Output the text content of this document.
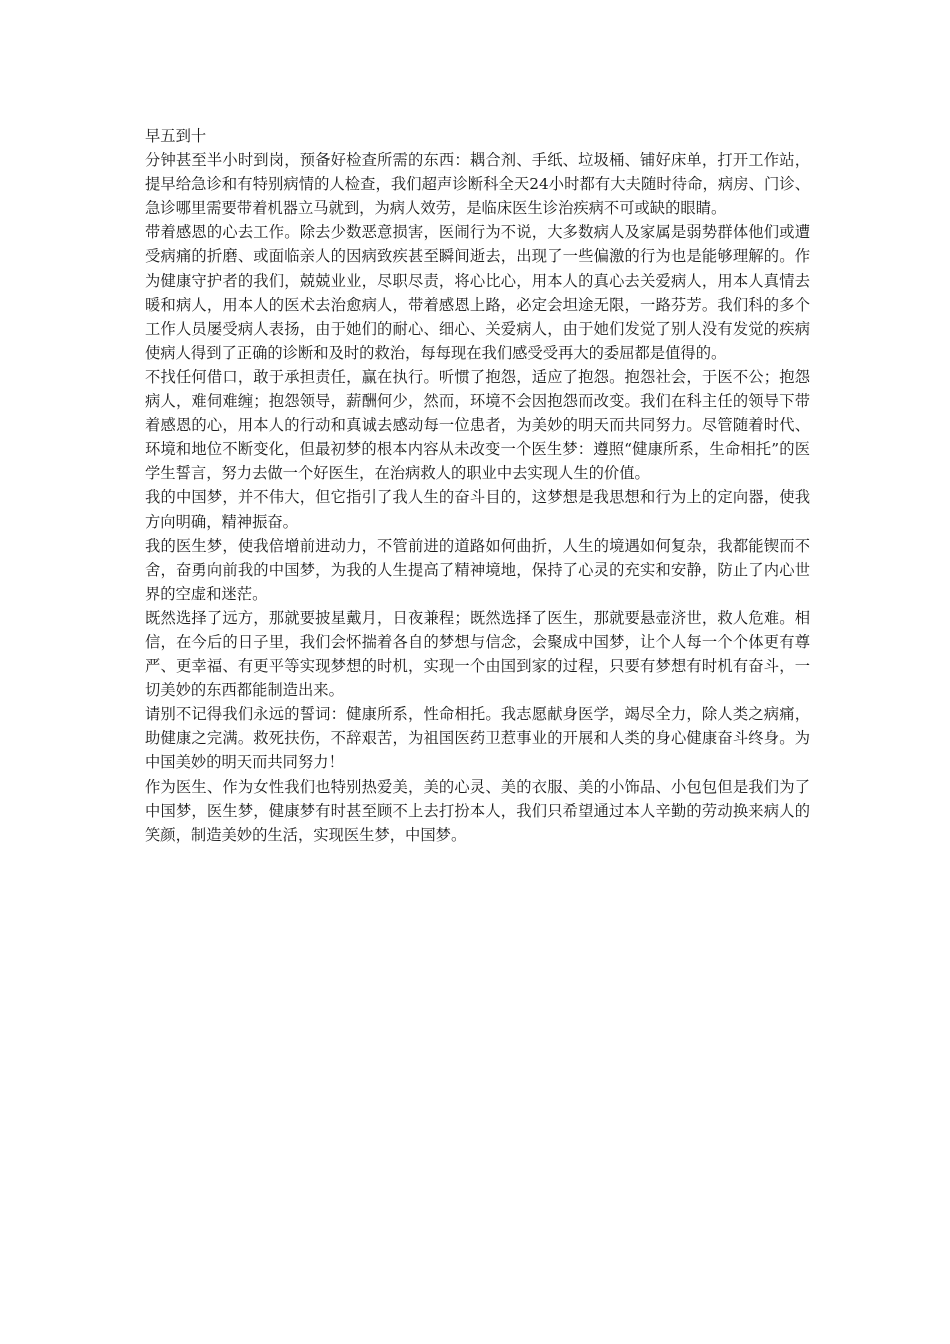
早五到十

分钟甚至半小时到岗，预备好检查所需的东西：耦合剂、手纸、垃圾桶、铺好床单，打开工作站，提早给急诊和有特别病情的人检查，我们超声诊断科全天24小时都有大夫随时待命，病房、门诊、急诊哪里需要带着机器立马就到，为病人效劳，是临床医生诊治疾病不可或缺的眼睛。

带着感恩的心去工作。除去少数恶意损害，医闹行为不说，大多数病人及家属是弱势群体他们或遭受病痛的折磨、或面临亲人的因病致疾甚至瞬间逝去，出现了一些偏激的行为也是能够理解的。作为健康守护者的我们，兢兢业业，尽职尽责，将心比心，用本人的真心去关爱病人，用本人真情去暖和病人，用本人的医术去治愈病人，带着感恩上路，必定会坦途无限，一路芬芳。我们科的多个工作人员屡受病人表扬，由于她们的耐心、细心、关爱病人，由于她们发觉了别人没有发觉的疾病使病人得到了正确的诊断和及时的救治，每每现在我们感受受再大的委屈都是值得的。

不找任何借口，敢于承担责任，赢在执行。听惯了抱怨，适应了抱怨。抱怨社会，于医不公；抱怨病人，难伺难缠；抱怨领导，薪酬何少，然而，环境不会因抱怨而改变。我们在科主任的领导下带着感恩的心，用本人的行动和真诚去感动每一位患者，为美妙的明天而共同努力。尽管随着时代、环境和地位不断变化，但最初梦的根本内容从未改变一个医生梦：遵照“健康所系，生命相托”的医学生誓言，努力去做一个好医生，在治病救人的职业中去实现人生的价值。

我的中国梦，并不伟大，但它指引了我人生的奋斗目的，这梦想是我思想和行为上的定向器，使我方向明确，精神振奋。

我的医生梦，使我倍增前进动力，不管前进的道路如何曲折，人生的境遇如何复杂，我都能锲而不舍，奋勇向前我的中国梦，为我的人生提高了精神境地，保持了心灵的充实和安静，防止了内心世界的空虚和迷茫。

既然选择了远方，那就要披星戴月，日夜兼程；既然选择了医生，那就要悬壶济世，救人危难。相信，在今后的日子里，我们会怀揣着各自的梦想与信念，会聚成中国梦，让个人每一个个体更有尊严、更幸福、有更平等实现梦想的时机，实现一个由国到家的过程，只要有梦想有时机有奋斗，一切美妙的东西都能制造出来。

请别不记得我们永远的誓词：健康所系，性命相托。我志愿献身医学，竭尽全力，除人类之病痛，助健康之完满。救死扶伤，不辞艰苦，为祖国医药卫惹事业的开展和人类的身心健康奋斗终身。为中国美妙的明天而共同努力！

作为医生、作为女性我们也特别热爱美，美的心灵、美的衣服、美的小饰品、小包包但是我们为了中国梦，医生梦，健康梦有时甚至顾不上去打扮本人，我们只希望通过本人辛勤的劳动换来病人的笑颜，制造美妙的生活，实现医生梦，中国梦。
